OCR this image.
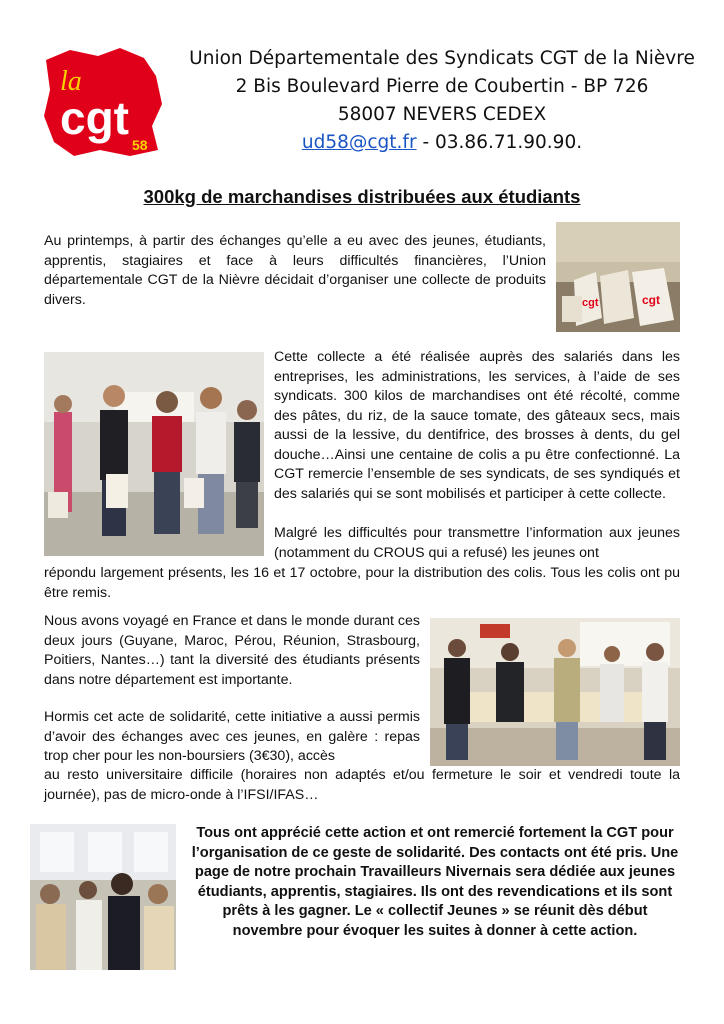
la
cgt
58
Union Départementale des Syndicats CGT de la Nièvre
2 Bis Boulevard Pierre de Coubertin - BP 726
58007 NEVERS CEDEX
ud58@cgt.fr - 03.86.71.90.90.
300kg de marchandises distribuées aux étudiants

Au printemps, à partir des échanges qu’elle a eu avec des jeunes, étudiants, apprentis, stagiaires et face à leurs difficultés financières, l’Union départementale CGT de la Nièvre décidait d’organiser une collecte de produits divers.	cgt	cgt

Cette collecte a été réalisée auprès des salariés dans les entreprises, les administrations, les services, à l’aide de ses syndicats. 300 kilos de marchandises ont été récolté, comme des pâtes, du riz, de la sauce tomate, des gâteaux secs, mais aussi de la lessive, du dentifrice, des brosses à dents, du gel douche…Ainsi une centaine de colis a pu être confectionné. La CGT remercie l’ensemble de ses syndicats, de ses syndiqués et des salariés qui se sont mobilisés et participer à cette collecte.

Malgré les difficultés pour transmettre l’information aux jeunes (notamment du CROUS qui a refusé) les jeunes ont

répondu largement présents, les 16 et 17 octobre, pour la distribution des colis. Tous les colis ont pu être remis.

Nous avons voyagé en France et dans le monde durant ces deux jours (Guyane, Maroc, Pérou, Réunion, Strasbourg, Poitiers, Nantes…) tant la diversité des étudiants présents dans notre département est importante.

Hormis cet acte de solidarité, cette initiative a aussi permis d’avoir des échanges avec ces jeunes, en galère : repas trop cher pour les non-boursiers (3€30), accès

au resto universitaire difficile (horaires non adaptés et/ou fermeture le soir et vendredi toute la journée), pas de micro-onde à l’IFSI/IFAS…

Tous ont apprécié cette action et ont remercié fortement la CGT pour l’organisation de ce geste de solidarité. Des contacts ont été pris. Une page de notre prochain Travailleurs Nivernais sera dédiée aux jeunes étudiants, apprentis, stagiaires. Ils ont des revendications et ils sont prêts à les gagner. Le « collectif Jeunes » se réunit dès début novembre pour évoquer les suites à donner à cette action.
